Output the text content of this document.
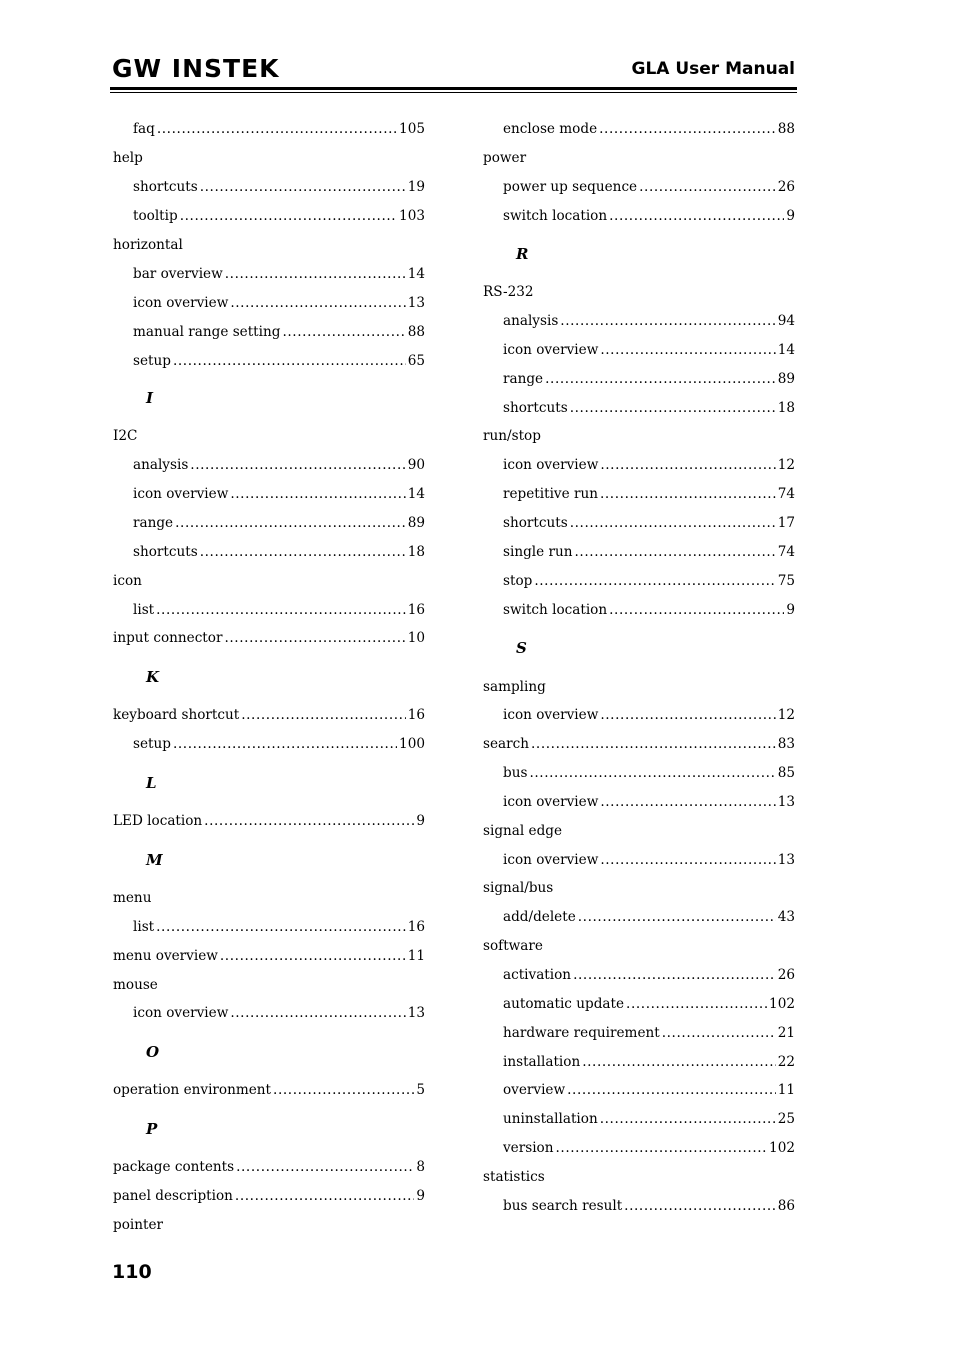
GW INSTEK	GLA User Manual
faq .....	105
help
shortcuts .....	19
tooltip .....	103
horizontal
bar overview .....	14
icon overview .....	13
manual range setting .....	88
setup .....	65
I
I2C
analysis .....	90
icon overview .....	14
range .....	89
shortcuts .....	18
icon
list .....	16
input connector .....	10
K
keyboard shortcut .....	16
setup .....	100
L
LED location .....	9
M
menu
list .....	16
menu overview .....	11
mouse
icon overview .....	13
O
operation environment .....	5
P
package contents .....	8
panel description .....	9
pointer
enclose mode .....	88
power
power up sequence .....	26
switch location .....	9
R
RS-232
analysis .....	94
icon overview .....	14
range .....	89
shortcuts .....	18
run/stop
icon overview .....	12
repetitive run .....	74
shortcuts .....	17
single run .....	74
stop .....	75
switch location .....	9
S
sampling
icon overview .....	12
search .....	83
bus .....	85
icon overview .....	13
signal edge
icon overview .....	13
signal/bus
add/delete .....	43
software
activation .....	26
automatic update .....	102
hardware requirement .....	21
installation .....	22
overview .....	11
uninstallation .....	25
version .....	102
statistics
bus search result .....	86
110
